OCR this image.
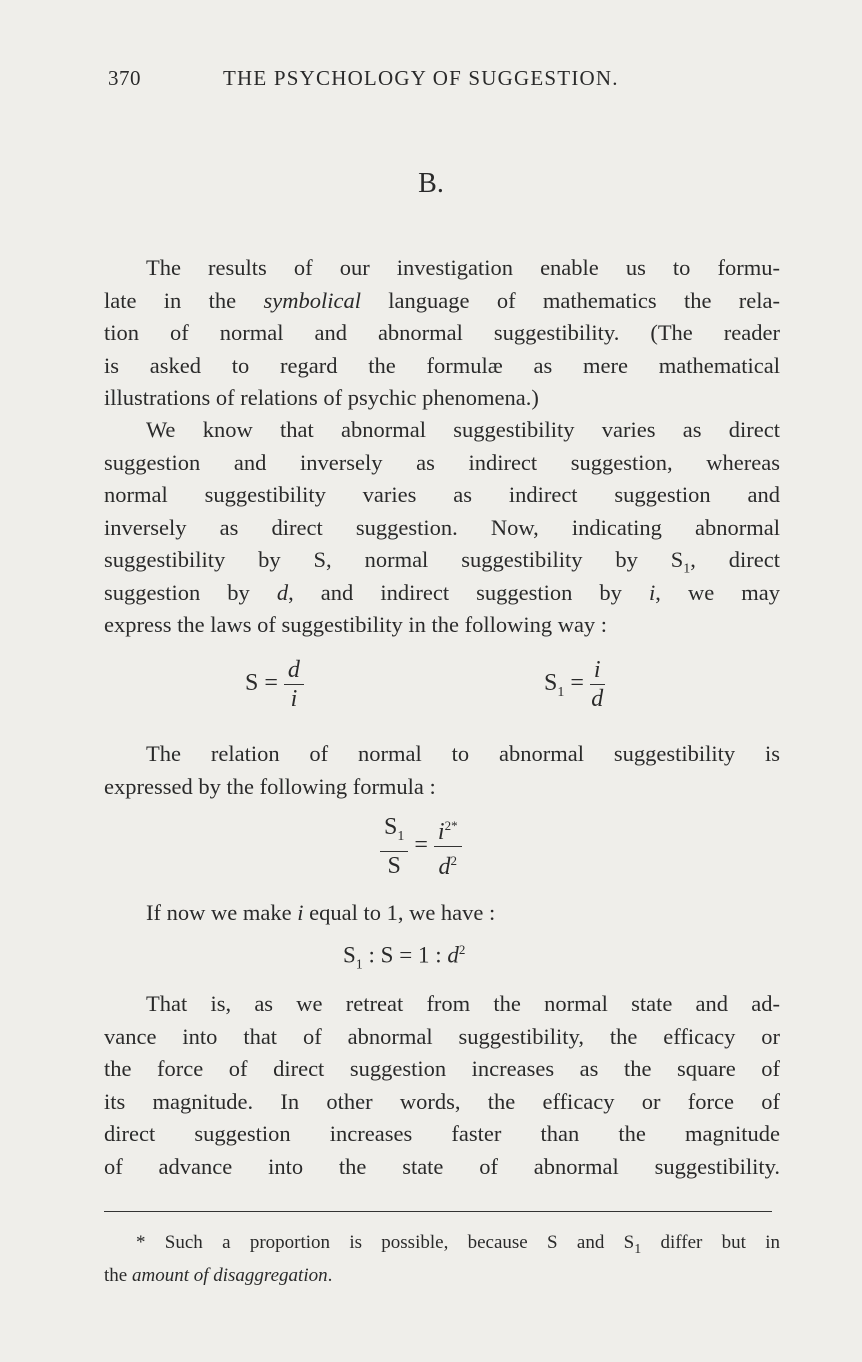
370	THE PSYCHOLOGY OF SUGGESTION.
B.
The results of our investigation enable us to formu-
late in the symbolical language of mathematics the rela-
tion of normal and abnormal suggestibility. (The reader
is asked to regard the formulæ as mere mathematical
illustrations of relations of psychic phenomena.)
We know that abnormal suggestibility varies as direct
suggestion and inversely as indirect suggestion, whereas
normal suggestibility varies as indirect suggestion and
inversely as direct suggestion. Now, indicating abnormal
suggestibility by S, normal suggestibility by $S_1$, direct
suggestion by d, and indirect suggestion by i, we may
express the laws of suggestibility in the following way :
$S = \frac{d}{i}$	$S_1 = \frac{i}{d}$
The relation of normal to abnormal suggestibility is
expressed by the following formula :
$\frac{S_1}{S} = \frac{i^{2*}}{d^2}$
If now we make i equal to 1, we have :
$S_1$ : S = 1 : $d^2$
That is, as we retreat from the normal state and ad-
vance into that of abnormal suggestibility, the efficacy or
the force of direct suggestion increases as the square of
its magnitude. In other words, the efficacy or force of
direct suggestion increases faster than the magnitude
of advance into the state of abnormal suggestibility.
* Such a proportion is possible, because S and $S_1$ differ but in
the amount of disaggregation.
